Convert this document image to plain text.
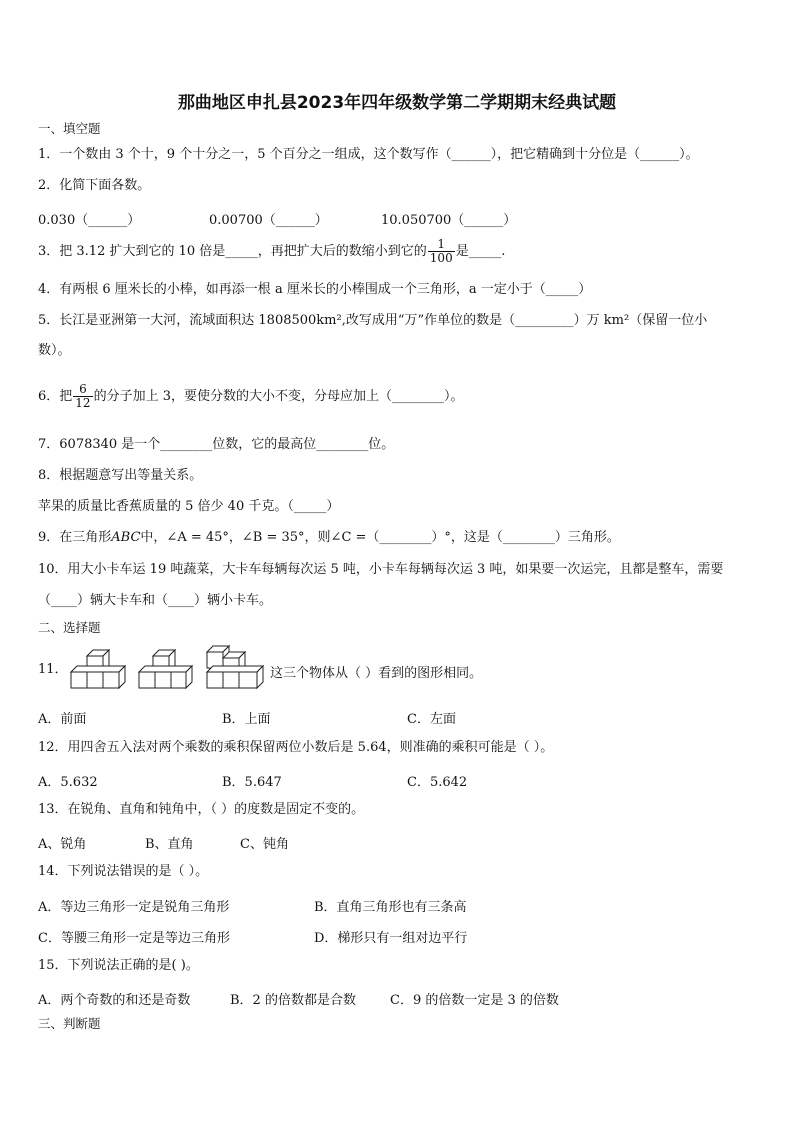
那曲地区申扎县2023年四年级数学第二学期期末经典试题
一、填空题
1．一个数由 3 个十，9 个十分之一，5 个百分之一组成，这个数写作（______），把它精确到十分位是（______）。
2．化简下面各数。
0.030（______）	0.00700（______）	10.050700（______）
3．把 3.12 扩大到它的 10 倍是_____，再把扩大后的数缩小到它的 $\frac{1}{100}$ 是_____.
4．有两根 6 厘米长的小棒，如再添一根 a 厘米长的小棒围成一个三角形，a 一定小于（_____）
5．长江是亚洲第一大河，流域面积达 1808500km²,改写成用“万”作单位的数是（_________）万 km²（保留一位小
数）。
6．把 $\frac{6}{12}$ 的分子加上 3，要使分数的大小不变，分母应加上（________）。
7．6078340 是一个________位数，它的最高位________位。
8．根据题意写出等量关系。
苹果的质量比香蕉质量的 5 倍少 40 千克。（_____）
9．在三角形ABC中，∠A = 45°，∠B = 35°，则∠C =（________）°，这是（________）三角形。
10．用大小卡车运 19 吨蔬菜，大卡车每辆每次运 5 吨，小卡车每辆每次运 3 吨，如果要一次运完，且都是整车，需要
（____）辆大卡车和（____）辆小卡车。
二、选择题
11．	这三个物体从（ ）看到的图形相同。
A．前面	B．上面	C．左面
12．用四舍五入法对两个乘数的乘积保留两位小数后是 5.64，则准确的乘积可能是（ ）。
A．5.632	B．5.647	C．5.642
13．在锐角、直角和钝角中，（ ）的度数是固定不变的。
A、锐角	B、直角	C、钝角
14．下列说法错误的是（ ）。
A．等边三角形一定是锐角三角形	B．直角三角形也有三条高
C．等腰三角形一定是等边三角形	D．梯形只有一组对边平行
15．下列说法正确的是( )。
A．两个奇数的和还是奇数	B．2 的倍数都是合数	C．9 的倍数一定是 3 的倍数
三、判断题
